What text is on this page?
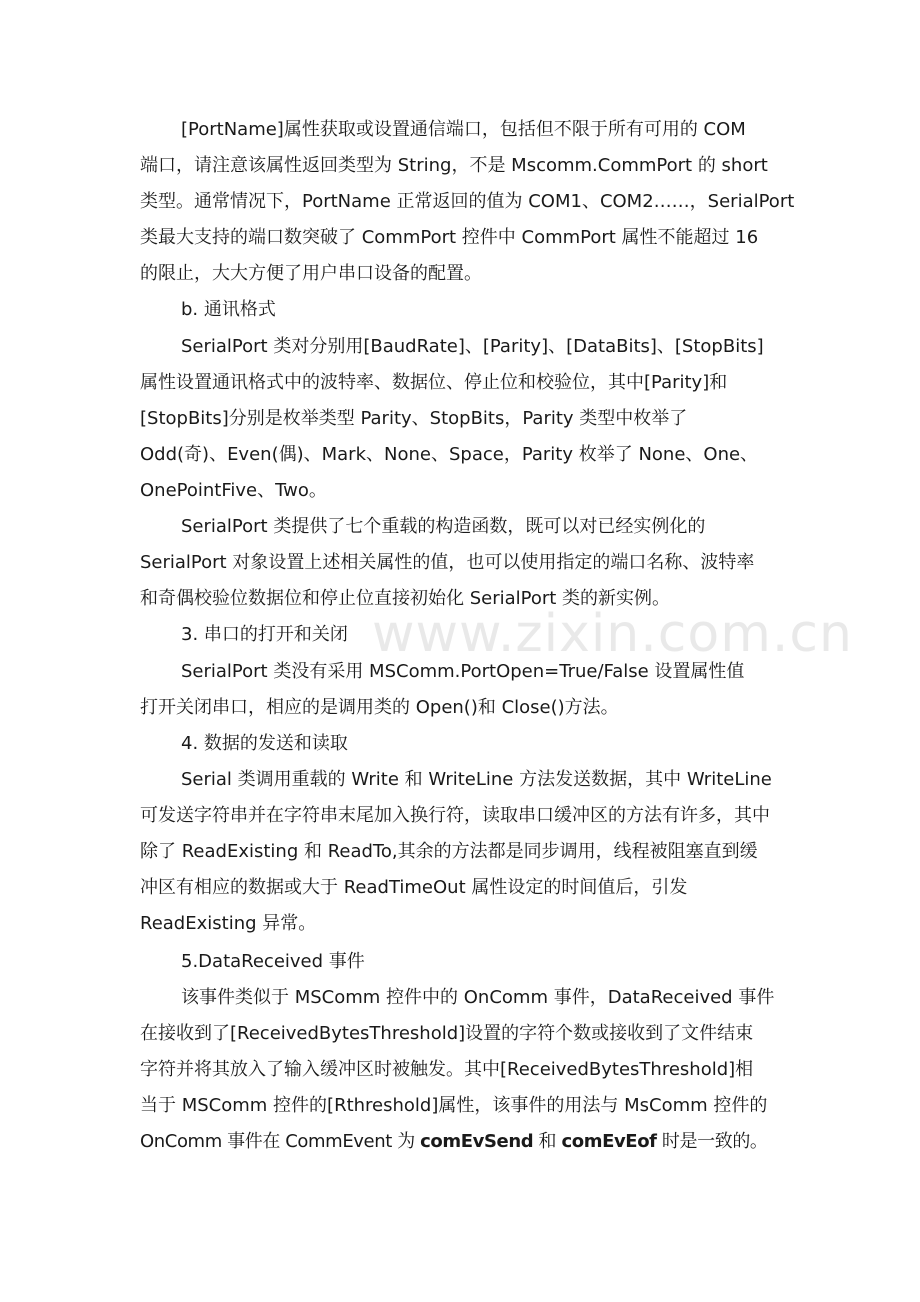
www.zixin.com.cn
[PortName]属性获取或设置通信端口，包括但不限于所有可用的 COM
端口，请注意该属性返回类型为 String，不是 Mscomm.CommPort 的 short
类型。通常情况下，PortName 正常返回的值为 COM1、COM2……，SerialPort
类最大支持的端口数突破了 CommPort 控件中 CommPort 属性不能超过 16
的限止，大大方便了用户串口设备的配置。
b. 通讯格式
SerialPort 类对分别用[BaudRate]、[Parity]、[DataBits]、[StopBits]
属性设置通讯格式中的波特率、数据位、停止位和校验位，其中[Parity]和
[StopBits]分别是枚举类型 Parity、StopBits，Parity 类型中枚举了
Odd(奇)、Even(偶)、Mark、None、Space，Parity 枚举了 None、One、
OnePointFive、Two。
SerialPort 类提供了七个重载的构造函数，既可以对已经实例化的
SerialPort 对象设置上述相关属性的值，也可以使用指定的端口名称、波特率
和奇偶校验位数据位和停止位直接初始化 SerialPort 类的新实例。
3. 串口的打开和关闭
SerialPort 类没有采用 MSComm.PortOpen=True/False 设置属性值
打开关闭串口，相应的是调用类的 Open()和 Close()方法。
4. 数据的发送和读取
Serial 类调用重载的 Write 和 WriteLine 方法发送数据，其中 WriteLine
可发送字符串并在字符串末尾加入换行符，读取串口缓冲区的方法有许多，其中
除了 ReadExisting 和 ReadTo,其余的方法都是同步调用，线程被阻塞直到缓
冲区有相应的数据或大于 ReadTimeOut 属性设定的时间值后，引发
ReadExisting 异常。
5.DataReceived 事件
该事件类似于 MSComm 控件中的 OnComm 事件，DataReceived 事件
在接收到了[ReceivedBytesThreshold]设置的字符个数或接收到了文件结束
字符并将其放入了输入缓冲区时被触发。其中[ReceivedBytesThreshold]相
当于 MSComm 控件的[Rthreshold]属性，该事件的用法与 MsComm 控件的
OnComm 事件在 CommEvent 为 comEvSend 和 comEvEof 时是一致的。
